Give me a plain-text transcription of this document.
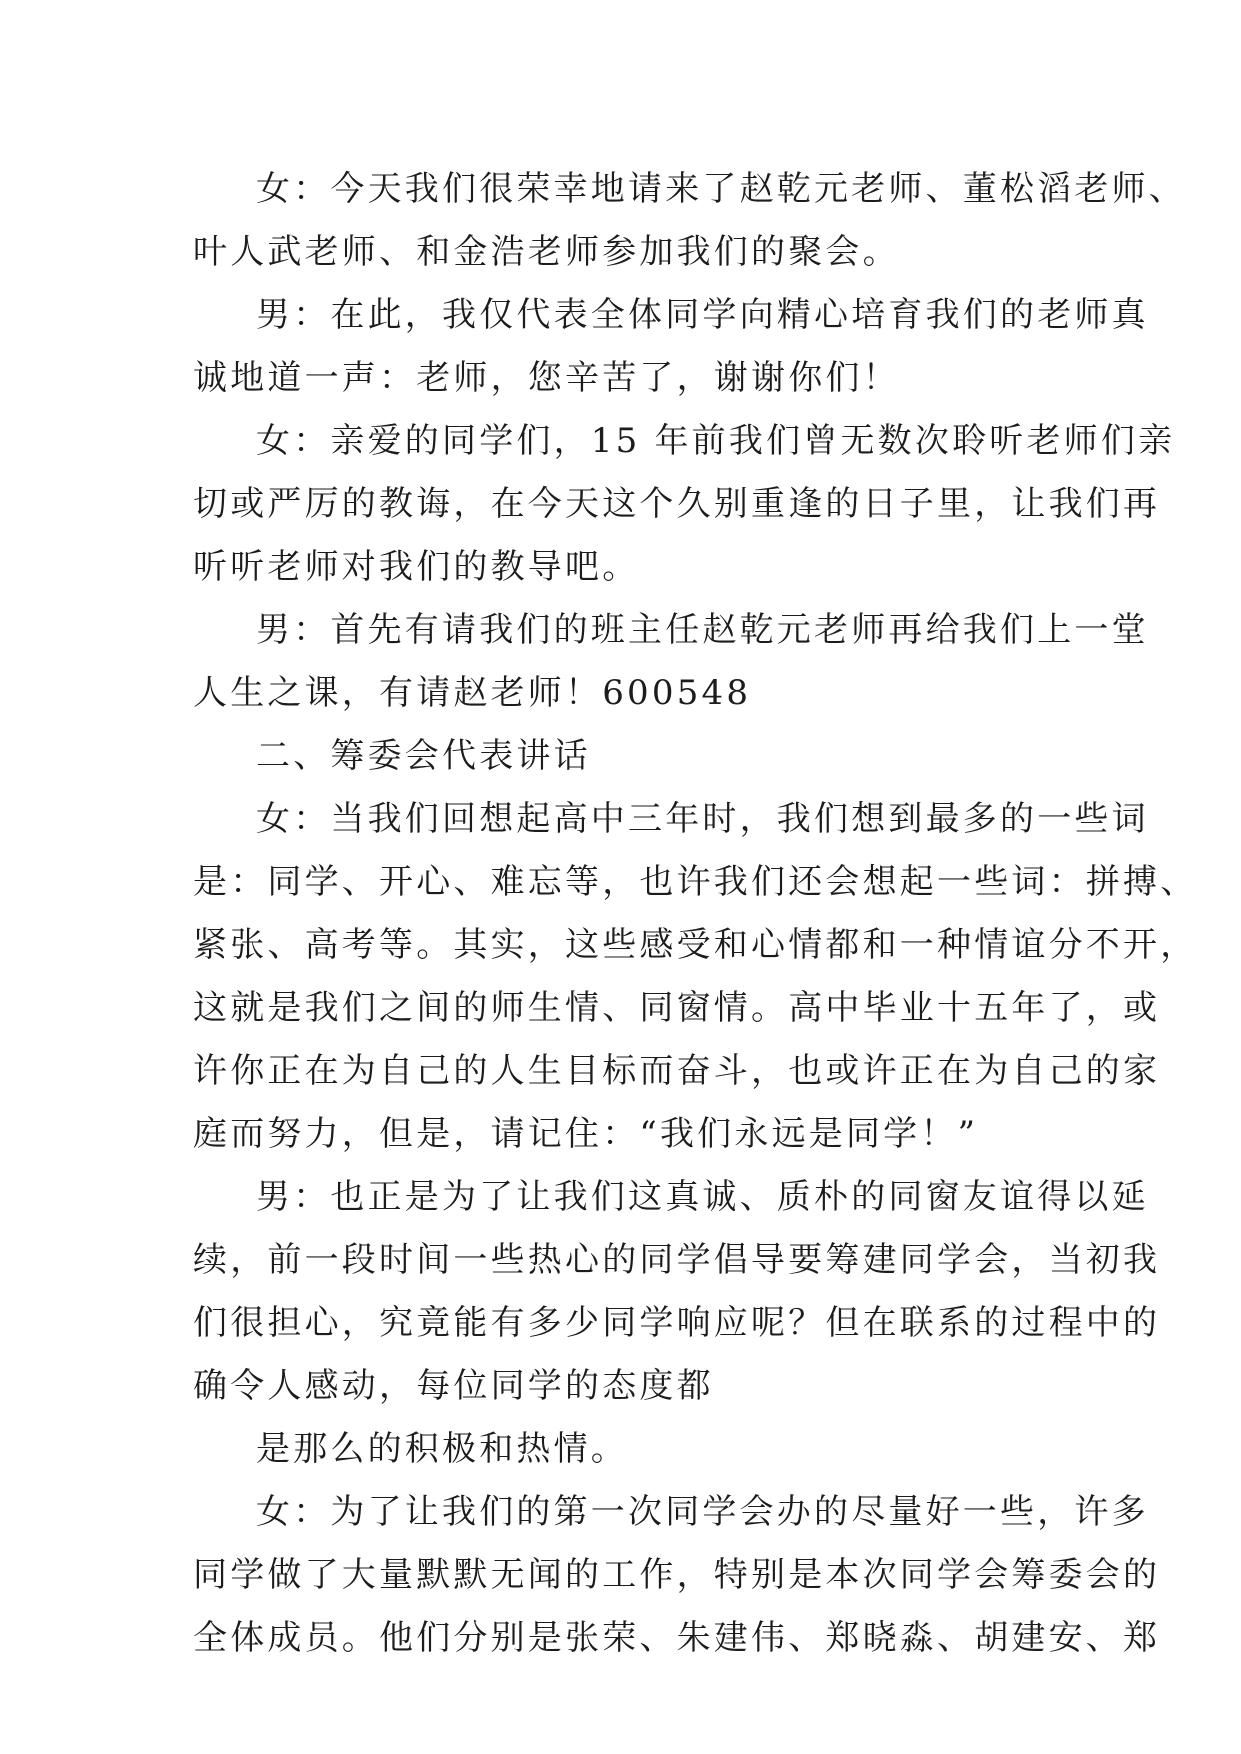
女：今天我们很荣幸地请来了赵乾元老师、董松滔老师、
叶人武老师、和金浩老师参加我们的聚会。
男：在此，我仅代表全体同学向精心培育我们的老师真
诚地道一声：老师，您辛苦了，谢谢你们！
女：亲爱的同学们，15 年前我们曾无数次聆听老师们亲
切或严厉的教诲，在今天这个久别重逢的日子里，让我们再
听听老师对我们的教导吧。
男：首先有请我们的班主任赵乾元老师再给我们上一堂
人生之课，有请赵老师！600548
二、筹委会代表讲话
女：当我们回想起高中三年时，我们想到最多的一些词
是：同学、开心、难忘等，也许我们还会想起一些词：拼搏、
紧张、高考等。其实，这些感受和心情都和一种情谊分不开，
这就是我们之间的师生情、同窗情。高中毕业十五年了，或
许你正在为自己的人生目标而奋斗，也或许正在为自己的家
庭而努力，但是，请记住：“我们永远是同学！”
男：也正是为了让我们这真诚、质朴的同窗友谊得以延
续，前一段时间一些热心的同学倡导要筹建同学会，当初我
们很担心，究竟能有多少同学响应呢？但在联系的过程中的
确令人感动，每位同学的态度都
是那么的积极和热情。
女：为了让我们的第一次同学会办的尽量好一些，许多
同学做了大量默默无闻的工作，特别是本次同学会筹委会的
全体成员。他们分别是张荣、朱建伟、郑晓淼、胡建安、郑
